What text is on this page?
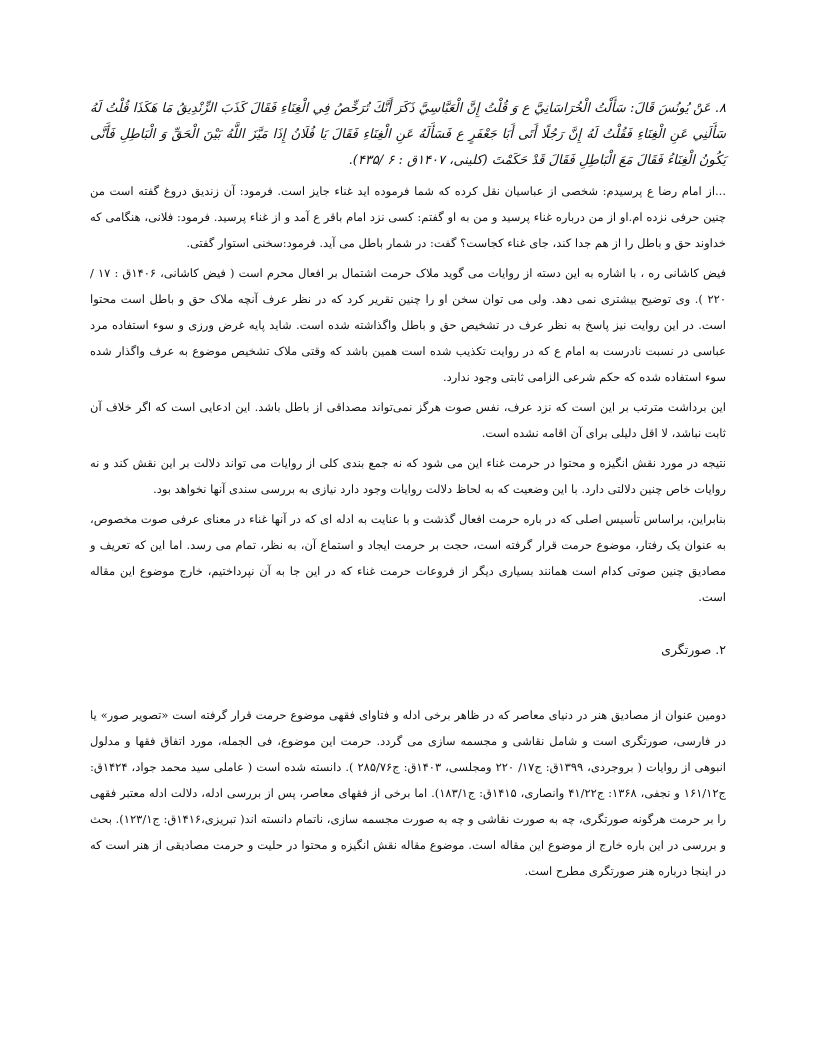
٨. عَنْ يُونُسَ قَالَ: سَأَلْتُ الْخُرَاسَانِيَّ ع وَ قُلْتُ إِنَّ الْعَبَّاسِيَّ ذَكَرَ أَنَّكَ تُرَخِّصُ فِي الْغِنَاءِ فَقَالَ كَذَبَ الزِّنْدِيقُ مَا هَكَذَا قُلْتُ لَهُ سَأَلَنِي عَنِ الْغِنَاءِ فَقُلْتُ لَهُ إِنَّ رَجُلًا أَتَى أَبَا جَعْفَرٍ ع فَسَأَلَهُ عَنِ الْغِنَاءِ فَقَالَ يَا فُلَانُ إِذَا مَيَّزَ اللَّهُ بَيْنَ الْحَقِّ وَ الْبَاطِلِ فَأَنَّى يَكُونُ الْغِنَاءُ فَقَالَ مَعَ الْبَاطِلِ فَقَالَ قَدْ حَكَمْتَ (کلینی، ۱۴۰۷ق : ۶ /۴۳۵).

...از امام رضا ع پرسیدم: شخصی از عباسیان نقل کرده که شما فرموده اید غناء جایز است. فرمود: آن زندیق دروغ گفته است من چنین حرفی نزده ام.او از من درباره غناء پرسید و من به او گفتم: کسی نزد امام باقر ع آمد و از غناء پرسید. فرمود: فلانی، هنگامی که خداوند حق و باطل را از هم جدا کند، جای غناء کجاست؟ گفت: در شمار باطل می آید. فرمود:سخنی استوار گفتی.

فیض کاشانی ره ، با اشاره به این دسته از روایات می گوید ملاک حرمت اشتمال بر افعال محرم است ( فیض کاشانی، ۱۴۰۶ق : ۱۷ /۲۲۰ ). وی توضیح بیشتری نمی دهد. ولی می توان سخن او را چنین تقریر کرد که در نظر عرف آنچه ملاک حق و باطل است محتوا است. در این روایت نیز پاسخ به نظر عرف در تشخیص حق و باطل واگذاشته شده است. شاید پایه غرض ورزی و سوء استفاده مرد عباسی در نسبت نادرست به امام ع که در روایت تکذیب شده است همین باشد که وقتی ملاک تشخیص موضوع به عرف واگذار شده سوء استفاده شده که حکم شرعی الزامی ثابتی وجود ندارد.

این برداشت مترتب بر این است که نزد عرف، نفس صوت هرگز نمی‌تواند مصداقی از باطل باشد. این ادعایی است که اگر خلاف آن ثابت نباشد، لا اقل دلیلی برای آن اقامه نشده است.

نتیجه در مورد نقش انگیزه و محتوا در حرمت غناء این می شود که نه جمع بندی کلی از روایات می تواند دلالت بر این نقش کند و نه روایات خاص چنین دلالتی دارد. با این وضعیت که به لحاظ دلالت روایات وجود دارد نیازی به بررسی سندی آنها نخواهد بود.

بنابراین، براساس تأسیس اصلی که در باره حرمت افعال گذشت و با عنایت به ادله ای که در آنها غناء در معنای عرفی صوت مخصوص، به عنوان یک رفتار، موضوع حرمت قرار گرفته است، حجت بر حرمت ایجاد و استماع آن، به نظر، تمام می رسد. اما این که تعریف و مصادیق چنین صوتی کدام است همانند بسیاری دیگر از فروعات حرمت غناء که در این جا به آن نپرداختیم، خارج موضوع این مقاله است.

۲. صورتگری

دومین عنوان از مصادیق هنر در دنیای معاصر که در ظاهر برخی ادله و فتاوای فقهی موضوع حرمت قرار گرفته است «تصویر صور» یا در فارسی، صورتگری است و شامل نقاشی و مجسمه سازی می گردد. حرمت این موضوع، فی الجمله، مورد اتفاق فقها و مدلول انبوهی از روایات ( بروجردی، ۱۳۹۹ق: ج۱۷/ ۲۲۰ ومجلسی، ۱۴۰۳ق: ج۲۸۵/۷۶ ). دانسته شده است ( عاملی سید محمد جواد، ۱۴۲۴ق: ج۱۶۱/۱۲ و نجفی، ۱۳۶۸: ج۴۱/۲۲ وانصاری، ۱۴۱۵ق: ج۱۸۳/۱). اما برخی از فقهای معاصر، پس از بررسی ادله، دلالت ادله معتبر فقهی را بر حرمت هرگونه صورتگری، چه به صورت نقاشی و چه به صورت مجسمه سازی، ناتمام دانسته اند( تبریزی،۱۴۱۶ق: ج۱۲۳/۱). بحث و بررسی در این باره خارج از موضوع این مقاله است. موضوع مقاله نقش انگیزه و محتوا در حلیت و حرمت مصادیقی از هنر است که در اینجا درباره هنر صورتگری مطرح است.
